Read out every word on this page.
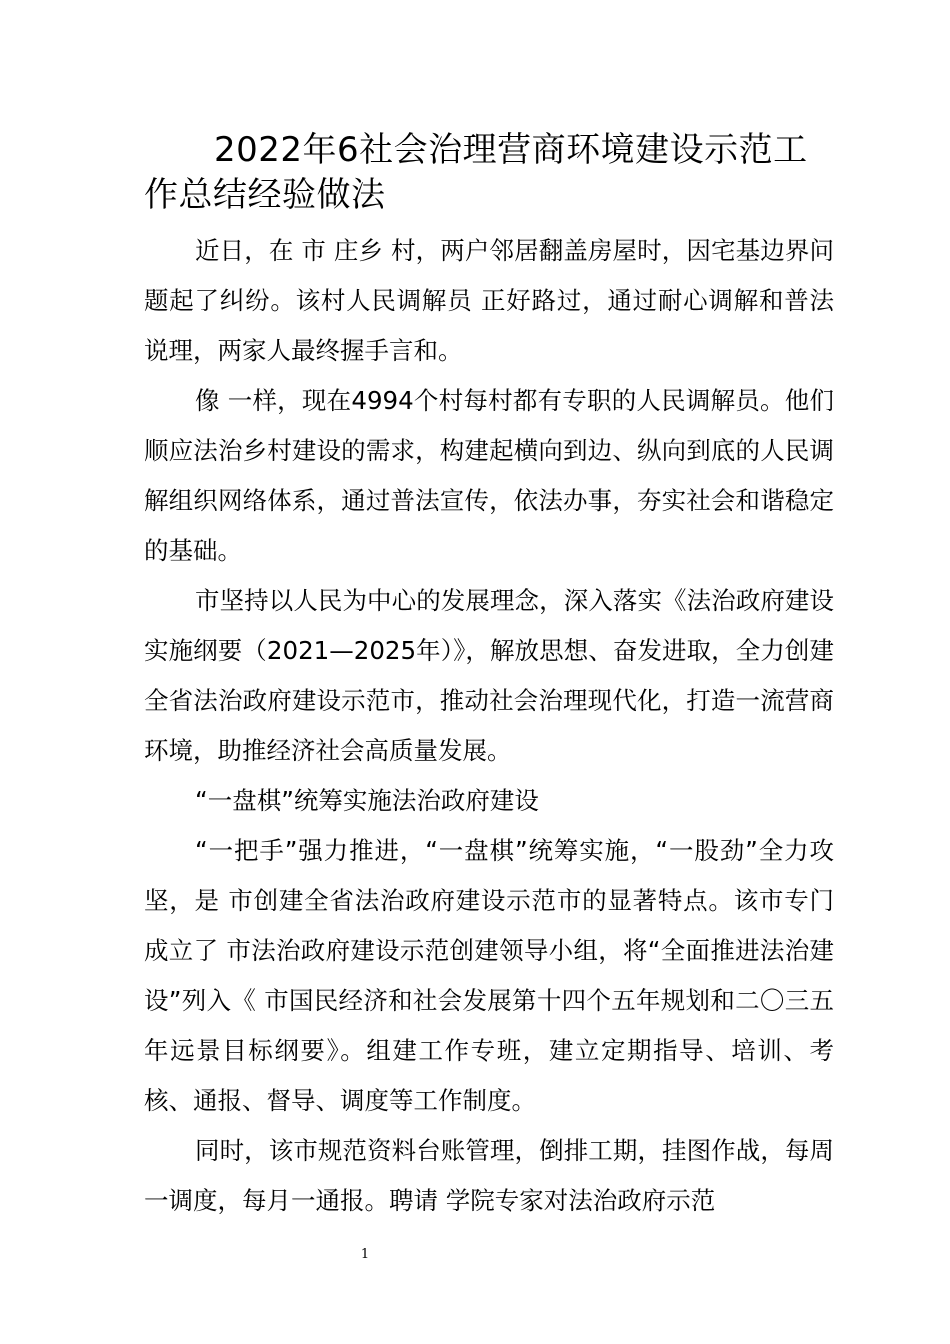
2022年6社会治理营商环境建设示范工作总结经验做法

近日，在 市 庄乡 村，两户邻居翻盖房屋时，因宅基边界问题起了纠纷。该村人民调解员 正好路过，通过耐心调解和普法说理，两家人最终握手言和。

像 一样，现在4994个村每村都有专职的人民调解员。他们顺应法治乡村建设的需求，构建起横向到边、纵向到底的人民调解组织网络体系，通过普法宣传，依法办事，夯实社会和谐稳定的基础。

市坚持以人民为中心的发展理念，深入落实《法治政府建设实施纲要（2021—2025年）》，解放思想、奋发进取，全力创建全省法治政府建设示范市，推动社会治理现代化，打造一流营商环境，助推经济社会高质量发展。

“一盘棋”统筹实施法治政府建设

“一把手”强力推进，“一盘棋”统筹实施，“一股劲”全力攻坚，是 市创建全省法治政府建设示范市的显著特点。该市专门成立了 市法治政府建设示范创建领导小组，将“全面推进法治建设”列入《 市国民经济和社会发展第十四个五年规划和二〇三五年远景目标纲要》。组建工作专班，建立定期指导、培训、考核、通报、督导、调度等工作制度。

同时，该市规范资料台账管理，倒排工期，挂图作战，每周一调度，每月一通报。聘请 学院专家对法治政府示范

1
